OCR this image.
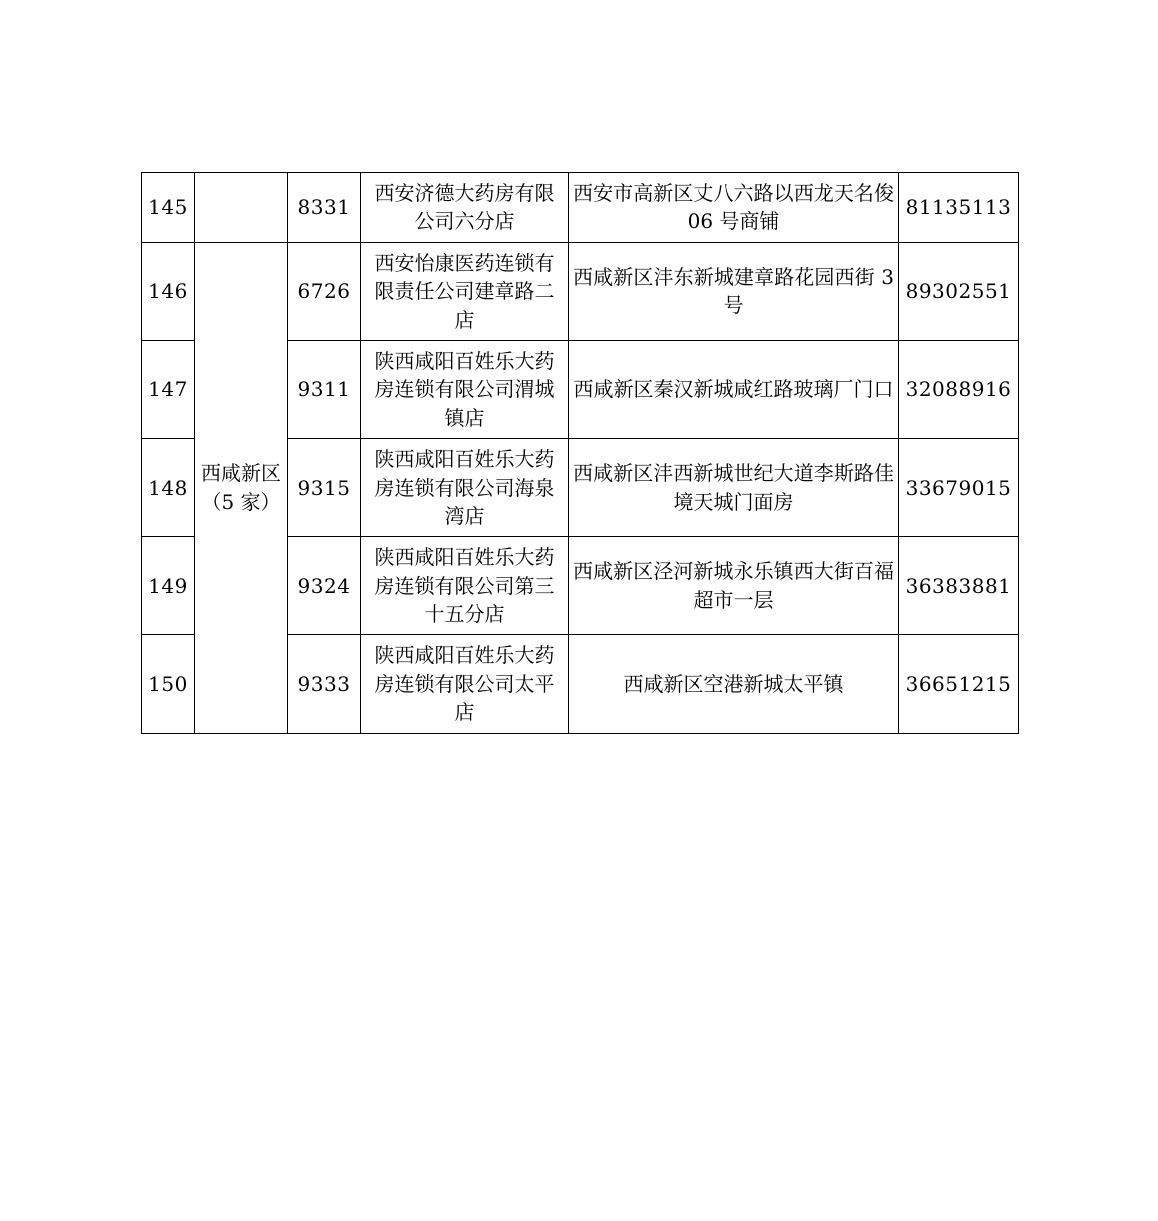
145		8331	西安济德大药房有限公司六分店	西安市高新区丈八六路以西龙天名俊 06 号商铺	81135113
146	西咸新区（5 家）	6726	西安怡康医药连锁有限责任公司建章路二店	西咸新区沣东新城建章路花园西街 3 号	89302551
147		9311	陕西咸阳百姓乐大药房连锁有限公司渭城镇店	西咸新区秦汉新城咸红路玻璃厂门口	32088916
148		9315	陕西咸阳百姓乐大药房连锁有限公司海泉湾店	西咸新区沣西新城世纪大道李斯路佳境天城门面房	33679015
149		9324	陕西咸阳百姓乐大药房连锁有限公司第三十五分店	西咸新区泾河新城永乐镇西大街百福超市一层	36383881
150		9333	陕西咸阳百姓乐大药房连锁有限公司太平店	西咸新区空港新城太平镇	36651215
